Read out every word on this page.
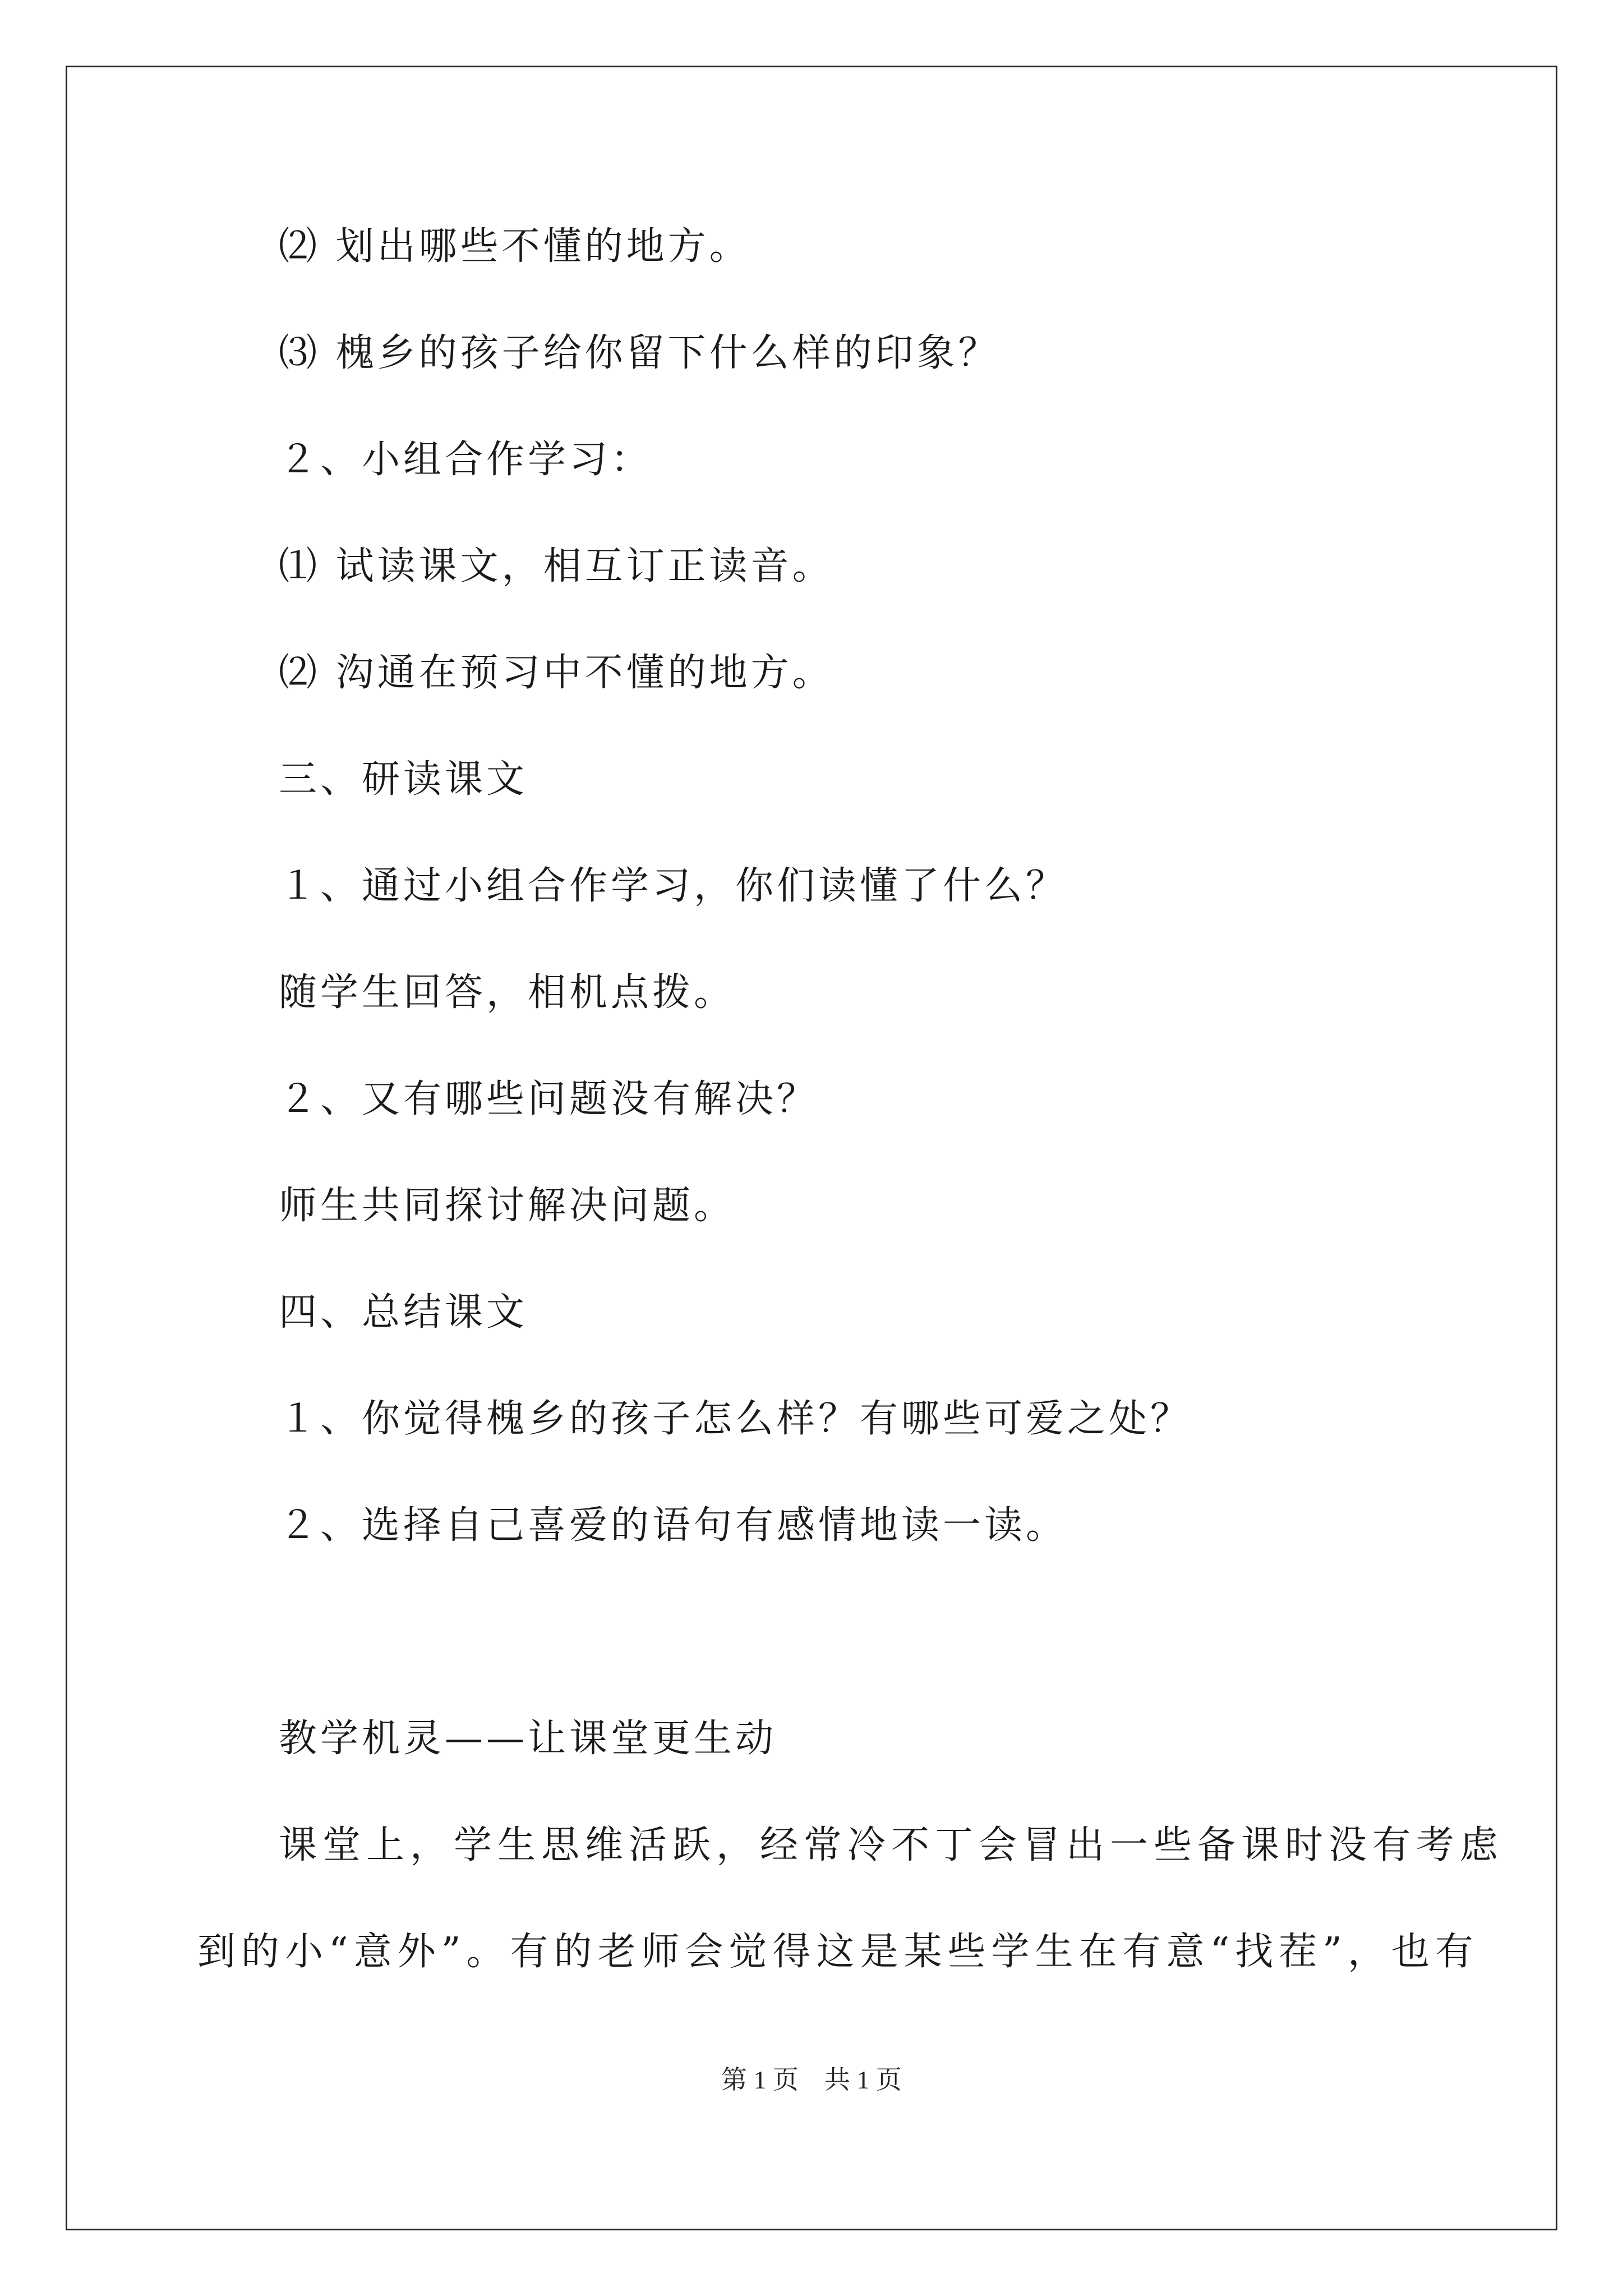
⑵ 划出哪些不懂的地方。
⑶ 槐乡的孩子给你留下什么样的印象？
２、小组合作学习：
⑴ 试读课文，相互订正读音。
⑵ 沟通在预习中不懂的地方。
三、研读课文
１、通过小组合作学习，你们读懂了什么？
随学生回答，相机点拨。
２、又有哪些问题没有解决？
师生共同探讨解决问题。
四、总结课文
１、你觉得槐乡的孩子怎么样？有哪些可爱之处？
２、选择自己喜爱的语句有感情地读一读。
教学机灵——让课堂更生动
课堂上，学生思维活跃，经常冷不丁会冒出一些备课时没有考虑
到的小“意外”。有的老师会觉得这是某些学生在有意“找茬”，也有
第 1 页　共 1 页
